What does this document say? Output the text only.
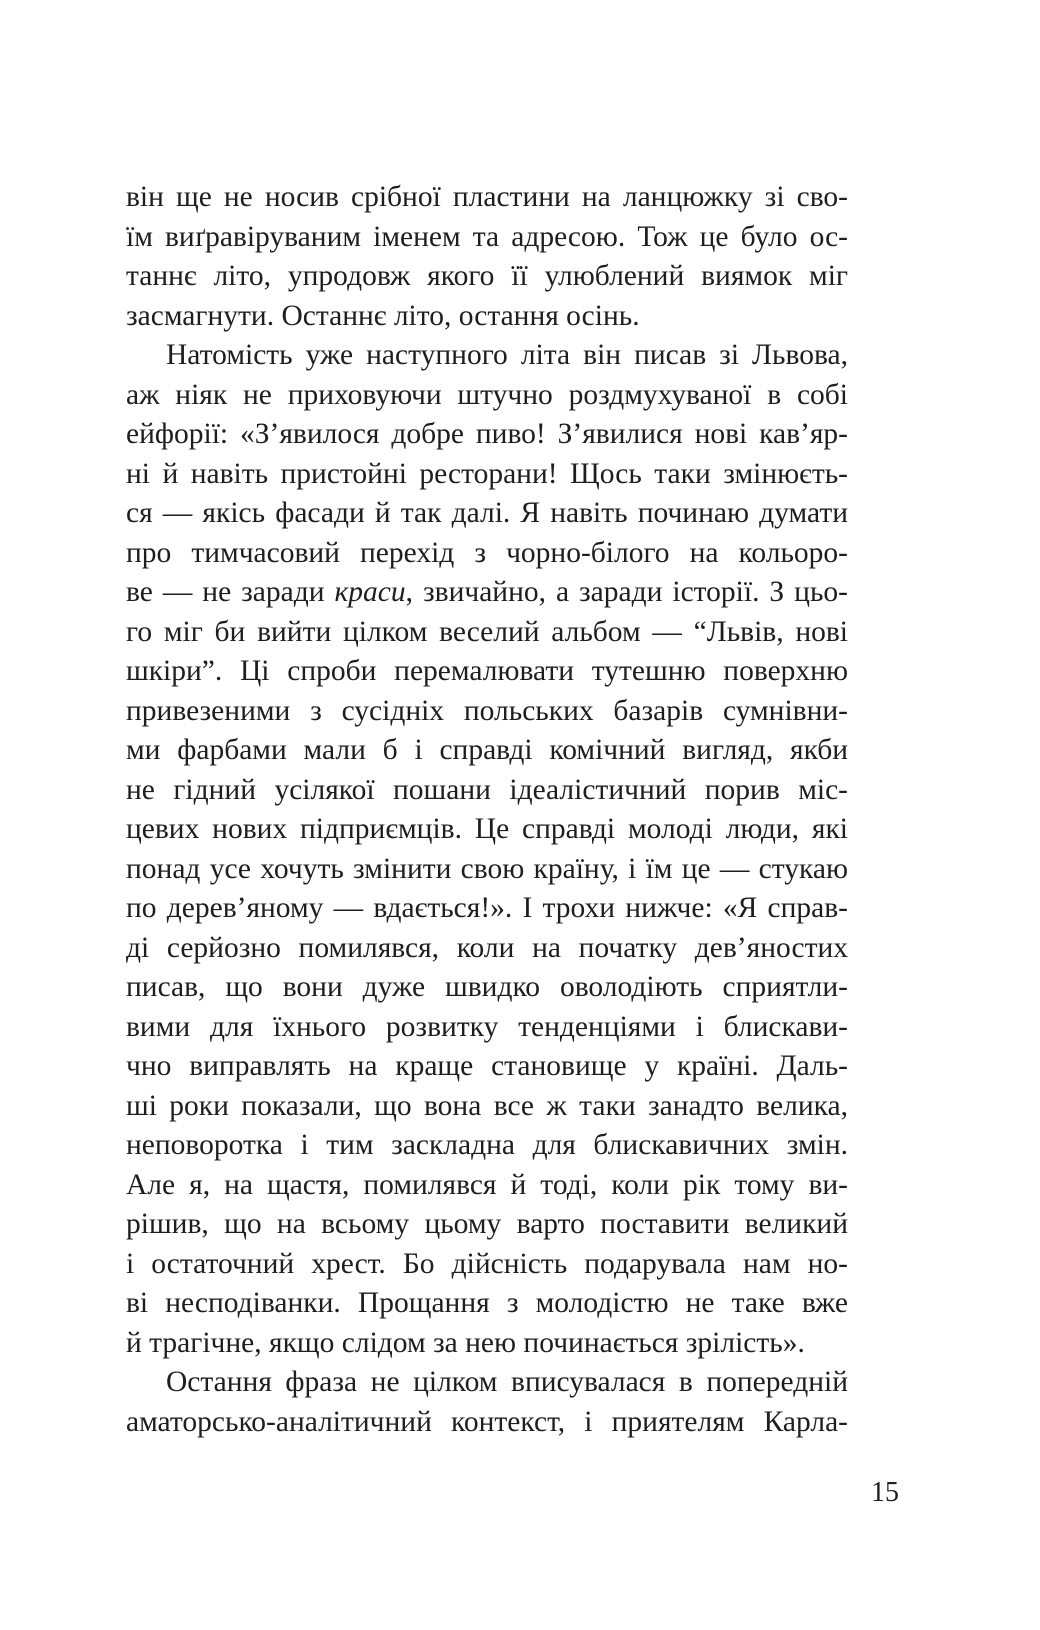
він ще не носив срібної пластини на ланцюжку зі сво-
їм виґравіруваним іменем та адресою. Тож це було ос-
таннє літо, упродовж якого її улюблений виямок міг
засмагнути. Останнє літо, остання осінь.
Натомість уже наступного літа він писав зі Львова,
аж ніяк не приховуючи штучно роздмухуваної в собі
ейфорії: «З’явилося добре пиво! З’явилися нові кав’яр-
ні й навіть пристойні ресторани! Щось таки змінюєть-
ся — якісь фасади й так далі. Я навіть починаю думати
про тимчасовий перехід з чорно-білого на кольоро-
ве — не заради краси, звичайно, а заради історії. З цьо-
го міг би вийти цілком веселий альбом — “Львів, нові
шкіри”. Ці спроби перемалювати тутешню поверхню
привезеними з сусідніх польських базарів сумнівни-
ми фарбами мали б і справді комічний вигляд, якби
не гідний усілякої пошани ідеалістичний порив міс-
цевих нових підприємців. Це справді молоді люди, які
понад усе хочуть змінити свою країну, і їм це — стукаю
по дерев’яному — вдається!». І трохи нижче: «Я справ-
ді серйозно помилявся, коли на початку дев’яностих
писав, що вони дуже швидко оволодіють сприятли-
вими для їхнього розвитку тенденціями і блискави-
чно виправлять на краще становище у країні. Даль-
ші роки показали, що вона все ж таки занадто велика,
неповоротка і тим заскладна для блискавичних змін.
Але я, на щастя, помилявся й тоді, коли рік тому ви-
рішив, що на всьому цьому варто поставити великий
і остаточний хрест. Бо дійсність подарувала нам но-
ві несподіванки. Прощання з молодістю не таке вже
й трагічне, якщо слідом за нею починається зрілість».
Остання фраза не цілком вписувалася в попередній
аматорсько-аналітичний контекст, і приятелям Карла-
15
